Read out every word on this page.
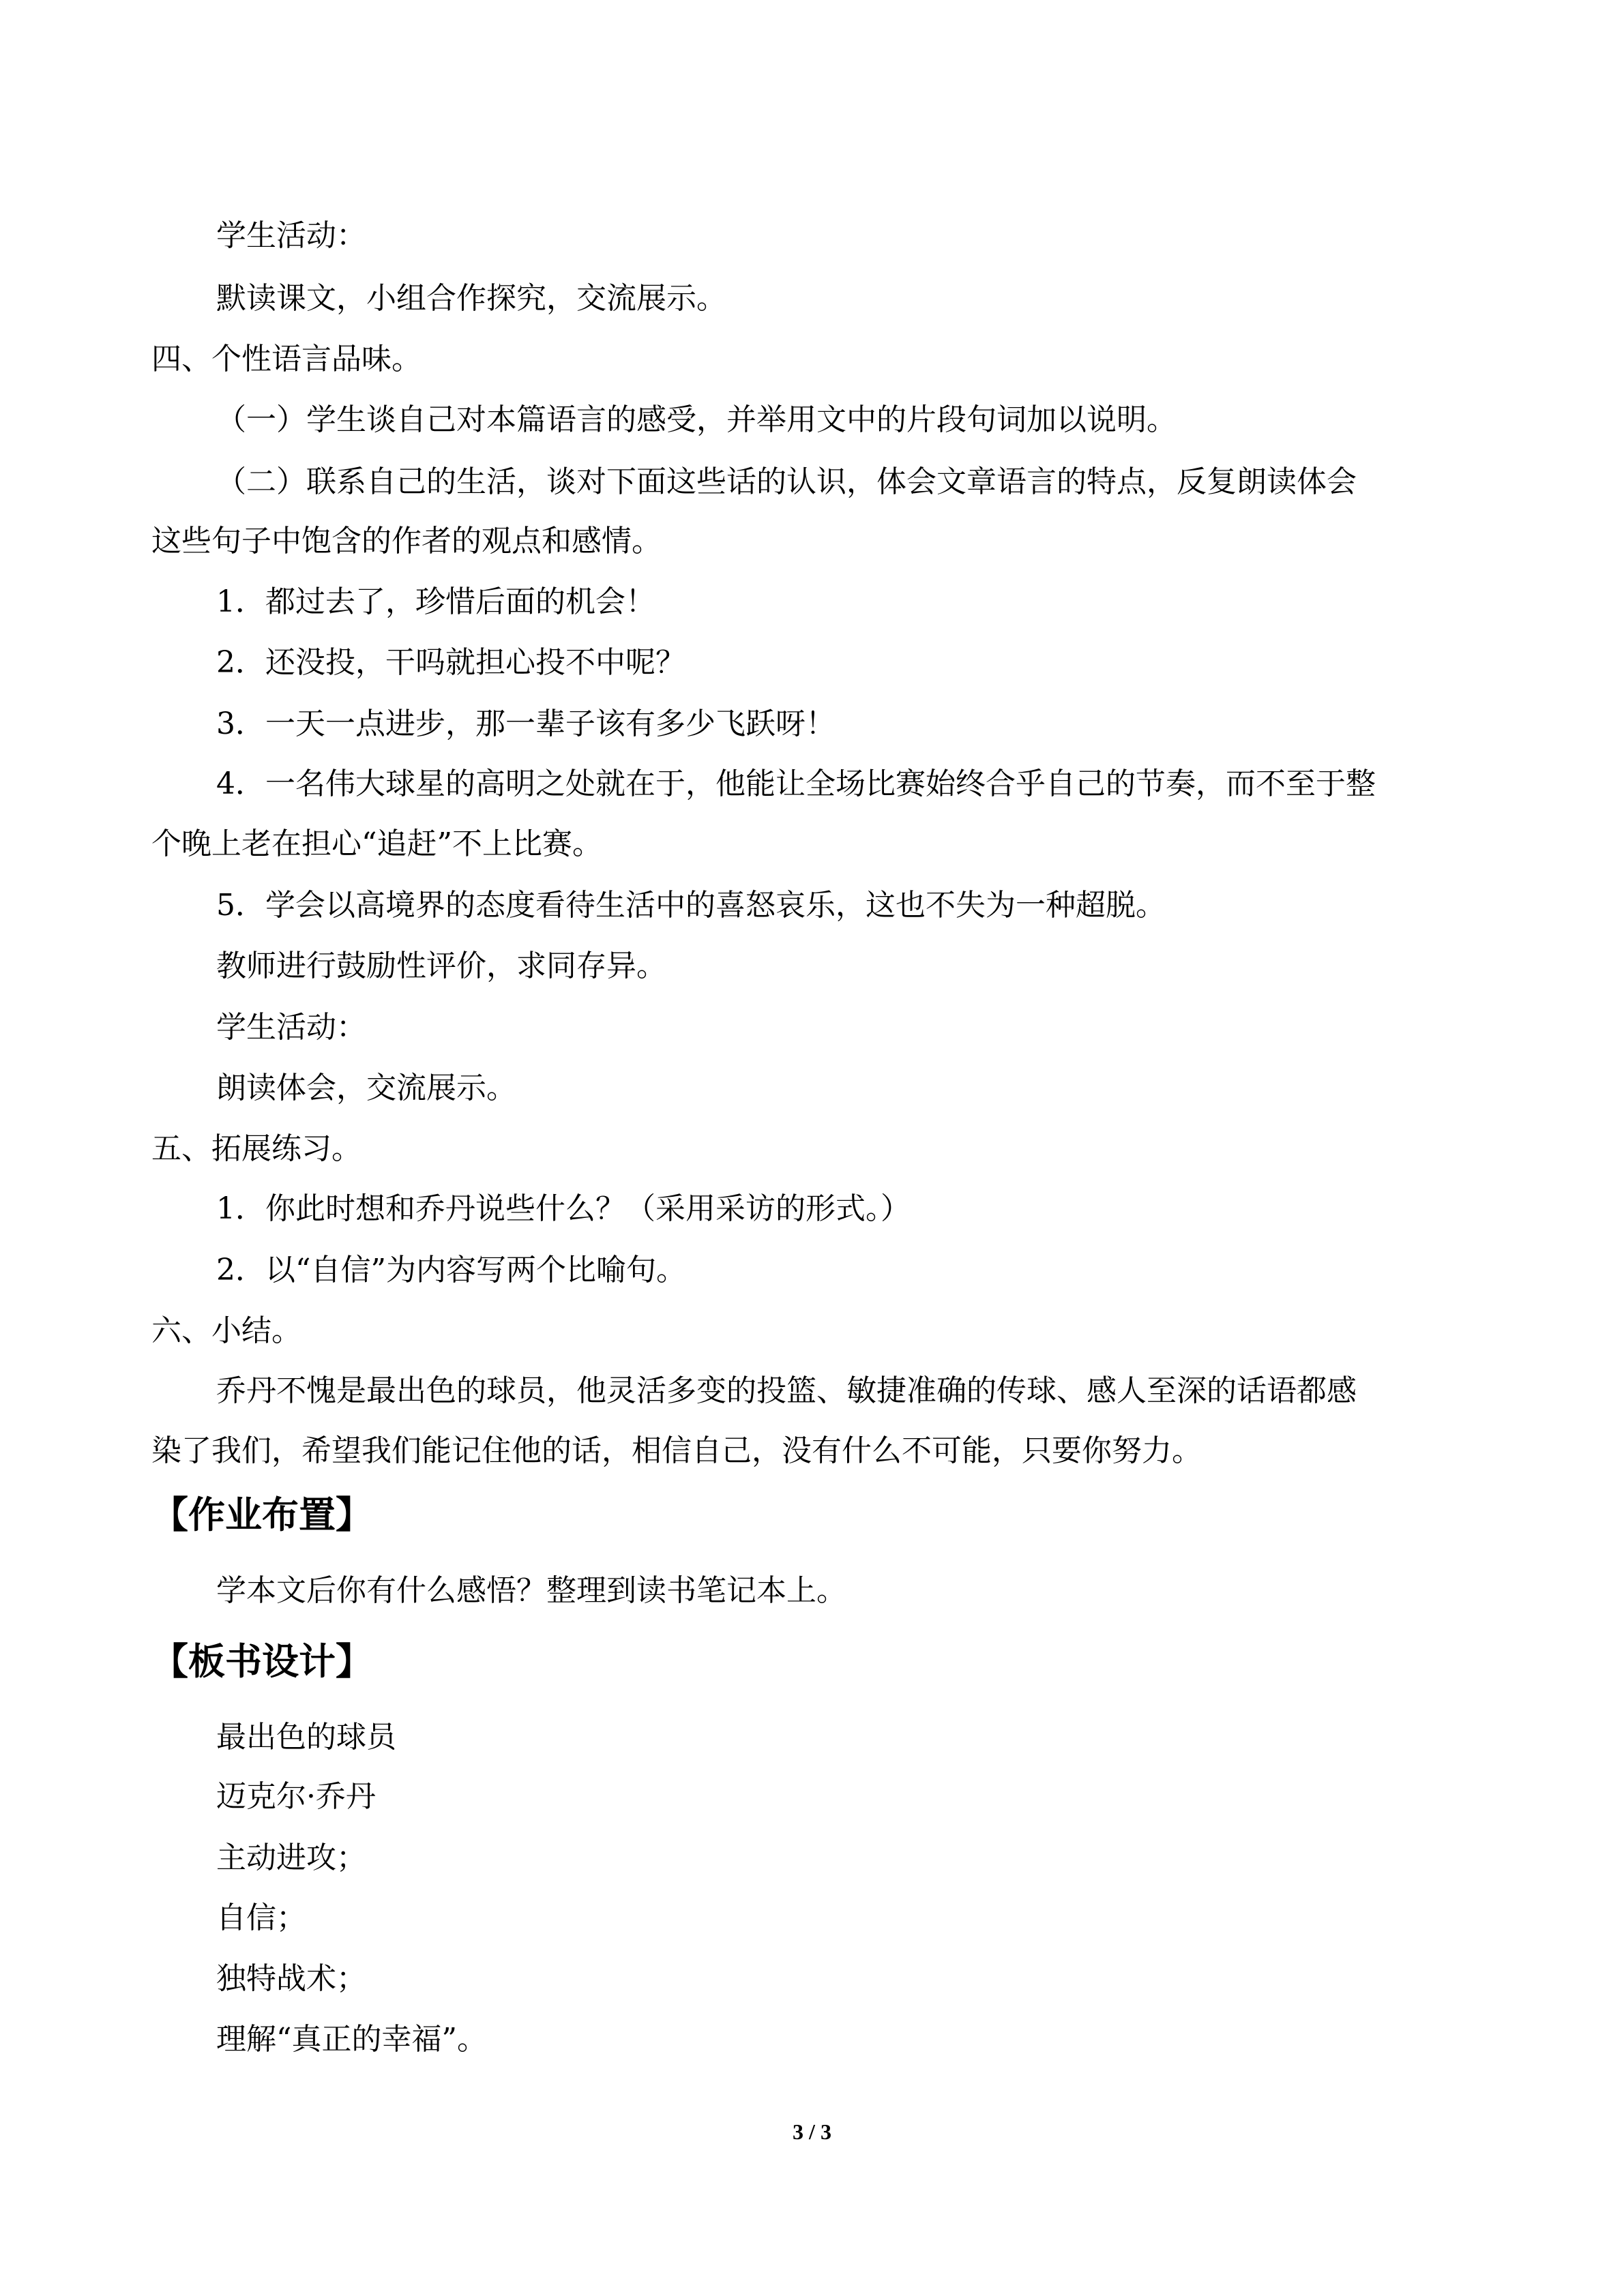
学生活动：
默读课文，小组合作探究，交流展示。
四、个性语言品味。
（一）学生谈自己对本篇语言的感受，并举用文中的片段句词加以说明。
（二）联系自己的生活，谈对下面这些话的认识，体会文章语言的特点，反复朗读体会
这些句子中饱含的作者的观点和感情。
1．都过去了，珍惜后面的机会！
2．还没投，干吗就担心投不中呢？
3．一天一点进步，那一辈子该有多少飞跃呀！
4．一名伟大球星的高明之处就在于，他能让全场比赛始终合乎自己的节奏，而不至于整
个晚上老在担心“追赶”不上比赛。
5．学会以高境界的态度看待生活中的喜怒哀乐，这也不失为一种超脱。
教师进行鼓励性评价，求同存异。
学生活动：
朗读体会，交流展示。
五、拓展练习。
1．你此时想和乔丹说些什么？（采用采访的形式。）
2．以“自信”为内容写两个比喻句。
六、小结。
乔丹不愧是最出色的球员，他灵活多变的投篮、敏捷准确的传球、感人至深的话语都感
染了我们，希望我们能记住他的话，相信自己，没有什么不可能，只要你努力。
【作业布置】
学本文后你有什么感悟？整理到读书笔记本上。
【板书设计】
最出色的球员
迈克尔·乔丹
主动进攻；
自信；
独特战术；
理解“真正的幸福”。
3 / 3
